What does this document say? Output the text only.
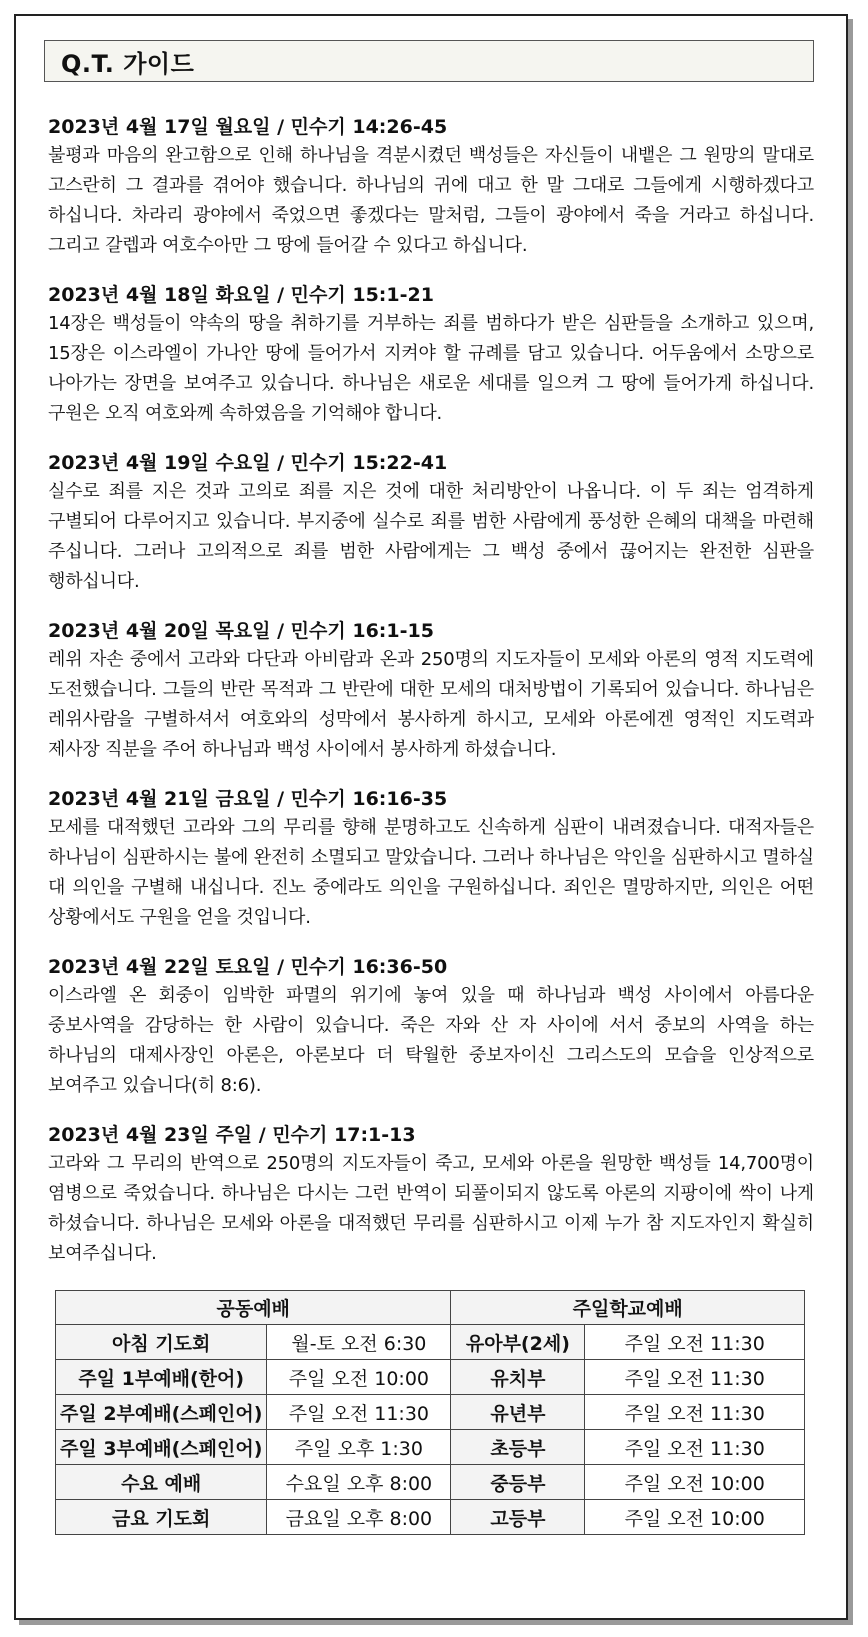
Q.T. 가이드
2023년 4월 17일 월요일 / 민수기 14:26-45
불평과 마음의 완고함으로 인해 하나님을 격분시켰던 백성들은 자신들이 내뱉은 그 원망의 말대로 고스란히 그 결과를 겪어야 했습니다. 하나님의 귀에 대고 한 말 그대로 그들에게 시행하겠다고 하십니다. 차라리 광야에서 죽었으면 좋겠다는 말처럼, 그들이 광야에서 죽을 거라고 하십니다. 그리고 갈렙과 여호수아만 그 땅에 들어갈 수 있다고 하십니다.
2023년 4월 18일 화요일 / 민수기 15:1-21
14장은 백성들이 약속의 땅을 취하기를 거부하는 죄를 범하다가 받은 심판들을 소개하고 있으며, 15장은 이스라엘이 가나안 땅에 들어가서 지켜야 할 규례를 담고 있습니다. 어두움에서 소망으로 나아가는 장면을 보여주고 있습니다. 하나님은 새로운 세대를 일으켜 그 땅에 들어가게 하십니다. 구원은 오직 여호와께 속하였음을 기억해야 합니다.
2023년 4월 19일 수요일 / 민수기 15:22-41
실수로 죄를 지은 것과 고의로 죄를 지은 것에 대한 처리방안이 나옵니다. 이 두 죄는 엄격하게 구별되어 다루어지고 있습니다. 부지중에 실수로 죄를 범한 사람에게 풍성한 은혜의 대책을 마련해 주십니다. 그러나 고의적으로 죄를 범한 사람에게는 그 백성 중에서 끊어지는 완전한 심판을 행하십니다.
2023년 4월 20일 목요일 / 민수기 16:1-15
레위 자손 중에서 고라와 다단과 아비람과 온과 250명의 지도자들이 모세와 아론의 영적 지도력에 도전했습니다. 그들의 반란 목적과 그 반란에 대한 모세의 대처방법이 기록되어 있습니다. 하나님은 레위사람을 구별하셔서 여호와의 성막에서 봉사하게 하시고, 모세와 아론에겐 영적인 지도력과 제사장 직분을 주어 하나님과 백성 사이에서 봉사하게 하셨습니다.
2023년 4월 21일 금요일 / 민수기 16:16-35
모세를 대적했던 고라와 그의 무리를 향해 분명하고도 신속하게 심판이 내려졌습니다. 대적자들은 하나님이 심판하시는 불에 완전히 소멸되고 말았습니다. 그러나 하나님은 악인을 심판하시고 멸하실 대 의인을 구별해 내십니다. 진노 중에라도 의인을 구원하십니다. 죄인은 멸망하지만, 의인은 어떤 상황에서도 구원을 얻을 것입니다.
2023년 4월 22일 토요일 / 민수기 16:36-50
이스라엘 온 회중이 임박한 파멸의 위기에 놓여 있을 때 하나님과 백성 사이에서 아름다운 중보사역을 감당하는 한 사람이 있습니다. 죽은 자와 산 자 사이에 서서 중보의 사역을 하는 하나님의 대제사장인 아론은, 아론보다 더 탁월한 중보자이신 그리스도의 모습을 인상적으로 보여주고 있습니다(히 8:6).
2023년 4월 23일 주일 / 민수기 17:1-13
고라와 그 무리의 반역으로 250명의 지도자들이 죽고, 모세와 아론을 원망한 백성들 14,700명이 염병으로 죽었습니다. 하나님은 다시는 그런 반역이 되풀이되지 않도록 아론의 지팡이에 싹이 나게 하셨습니다. 하나님은 모세와 아론을 대적했던 무리를 심판하시고 이제 누가 참 지도자인지 확실히 보여주십니다.
공동예배		주일학교예배	
아침 기도회	월-토 오전 6:30	유아부(2세)	주일 오전 11:30
주일 1부예배(한어)	주일 오전 10:00	유치부	주일 오전 11:30
주일 2부예배(스페인어)	주일 오전 11:30	유년부	주일 오전 11:30
주일 3부예배(스페인어)	주일 오후 1:30	초등부	주일 오전 11:30
수요 예배	수요일 오후 8:00	중등부	주일 오전 10:00
금요 기도회	금요일 오후 8:00	고등부	주일 오전 10:00
